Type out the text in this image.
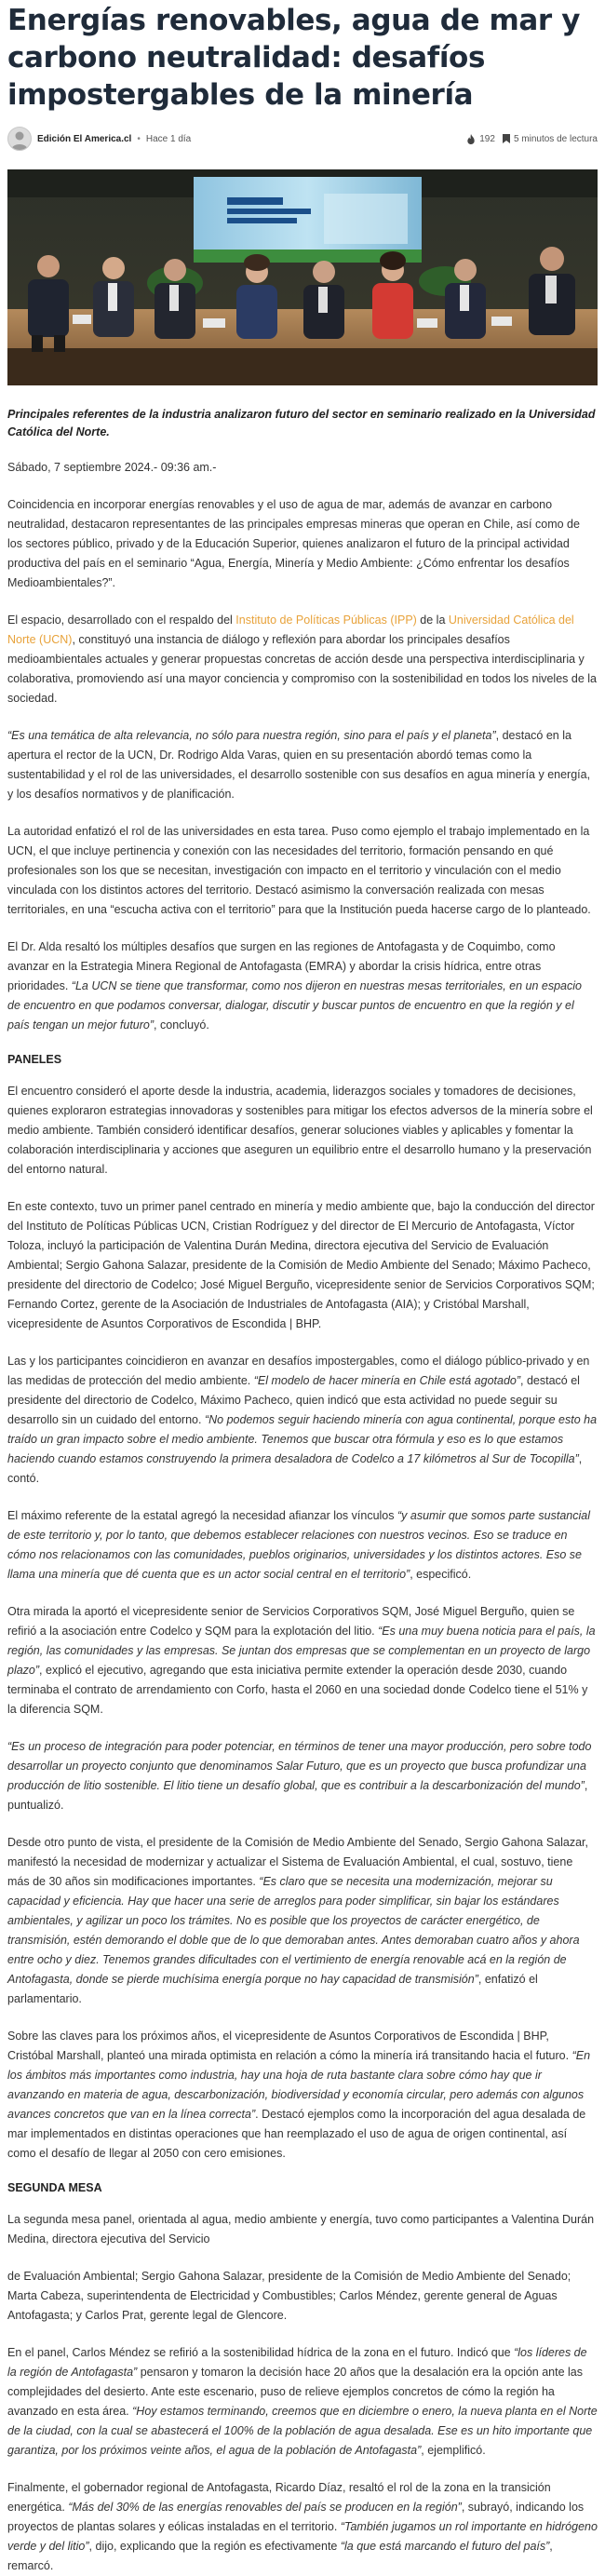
Energías renovables, agua de mar y carbono neutralidad: desafíos impostergables de la minería
Edición El America.cl • Hace 1 día	192 5 minutos de lectura
Principales referentes de la industria analizaron futuro del sector en seminario realizado en la Universidad Católica del Norte.

Sábado, 7 septiembre 2024.- 09:36 am.-

Coincidencia en incorporar energías renovables y el uso de agua de mar, además de avanzar en carbono neutralidad, destacaron representantes de las principales empresas mineras que operan en Chile, así como de los sectores público, privado y de la Educación Superior, quienes analizaron el futuro de la principal actividad productiva del país en el seminario “Agua, Energía, Minería y Medio Ambiente: ¿Cómo enfrentar los desafíos Medioambientales?”.

El espacio, desarrollado con el respaldo del Instituto de Políticas Públicas (IPP) de la Universidad Católica del Norte (UCN), constituyó una instancia de diálogo y reflexión para abordar los principales desafíos medioambientales actuales y generar propuestas concretas de acción desde una perspectiva interdisciplinaria y colaborativa, promoviendo así una mayor conciencia y compromiso con la sostenibilidad en todos los niveles de la sociedad.

“Es una temática de alta relevancia, no sólo para nuestra región, sino para el país y el planeta”, destacó en la apertura el rector de la UCN, Dr. Rodrigo Alda Varas, quien en su presentación abordó temas como la sustentabilidad y el rol de las universidades, el desarrollo sostenible con sus desafíos en agua minería y energía, y los desafíos normativos y de planificación.

La autoridad enfatizó el rol de las universidades en esta tarea. Puso como ejemplo el trabajo implementado en la UCN, el que incluye pertinencia y conexión con las necesidades del territorio, formación pensando en qué profesionales son los que se necesitan, investigación con impacto en el territorio y vinculación con el medio vinculada con los distintos actores del territorio. Destacó asimismo la conversación realizada con mesas territoriales, en una “escucha activa con el territorio” para que la Institución pueda hacerse cargo de lo planteado.

El Dr. Alda resaltó los múltiples desafíos que surgen en las regiones de Antofagasta y de Coquimbo, como avanzar en la Estrategia Minera Regional de Antofagasta (EMRA) y abordar la crisis hídrica, entre otras prioridades. “La UCN se tiene que transformar, como nos dijeron en nuestras mesas territoriales, en un espacio de encuentro en que podamos conversar, dialogar, discutir y buscar puntos de encuentro en que la región y el país tengan un mejor futuro”, concluyó.

PANELES

El encuentro consideró el aporte desde la industria, academia, liderazgos sociales y tomadores de decisiones, quienes exploraron estrategias innovadoras y sostenibles para mitigar los efectos adversos de la minería sobre el medio ambiente. También consideró identificar desafíos, generar soluciones viables y aplicables y fomentar la colaboración interdisciplinaria y acciones que aseguren un equilibrio entre el desarrollo humano y la preservación del entorno natural.

En este contexto, tuvo un primer panel centrado en minería y medio ambiente que, bajo la conducción del director del Instituto de Políticas Públicas UCN, Cristian Rodríguez y del director de El Mercurio de Antofagasta, Víctor Toloza, incluyó la participación de Valentina Durán Medina, directora ejecutiva del Servicio de Evaluación Ambiental; Sergio Gahona Salazar, presidente de la Comisión de Medio Ambiente del Senado; Máximo Pacheco, presidente del directorio de Codelco; José Miguel Berguño, vicepresidente senior de Servicios Corporativos SQM; Fernando Cortez, gerente de la Asociación de Industriales de Antofagasta (AIA); y Cristóbal Marshall, vicepresidente de Asuntos Corporativos de Escondida | BHP.

Las y los participantes coincidieron en avanzar en desafíos impostergables, como el diálogo público-privado y en las medidas de protección del medio ambiente. “El modelo de hacer minería en Chile está agotado”, destacó el presidente del directorio de Codelco, Máximo Pacheco, quien indicó que esta actividad no puede seguir su desarrollo sin un cuidado del entorno. “No podemos seguir haciendo minería con agua continental, porque esto ha traído un gran impacto sobre el medio ambiente. Tenemos que buscar otra fórmula y eso es lo que estamos haciendo cuando estamos construyendo la primera desaladora de Codelco a 17 kilómetros al Sur de Tocopilla”, contó.

El máximo referente de la estatal agregó la necesidad afianzar los vínculos “y asumir que somos parte sustancial de este territorio y, por lo tanto, que debemos establecer relaciones con nuestros vecinos. Eso se traduce en cómo nos relacionamos con las comunidades, pueblos originarios, universidades y los distintos actores. Eso se llama una minería que dé cuenta que es un actor social central en el territorio”, especificó.

Otra mirada la aportó el vicepresidente senior de Servicios Corporativos SQM, José Miguel Berguño, quien se refirió a la asociación entre Codelco y SQM para la explotación del litio. “Es una muy buena noticia para el país, la región, las comunidades y las empresas. Se juntan dos empresas que se complementan en un proyecto de largo plazo”, explicó el ejecutivo, agregando que esta iniciativa permite extender la operación desde 2030, cuando terminaba el contrato de arrendamiento con Corfo, hasta el 2060 en una sociedad donde Codelco tiene el 51% y la diferencia SQM.

“Es un proceso de integración para poder potenciar, en términos de tener una mayor producción, pero sobre todo desarrollar un proyecto conjunto que denominamos Salar Futuro, que es un proyecto que busca profundizar una producción de litio sostenible. El litio tiene un desafío global, que es contribuir a la descarbonización del mundo”, puntualizó.

Desde otro punto de vista, el presidente de la Comisión de Medio Ambiente del Senado, Sergio Gahona Salazar, manifestó la necesidad de modernizar y actualizar el Sistema de Evaluación Ambiental, el cual, sostuvo, tiene más de 30 años sin modificaciones importantes. “Es claro que se necesita una modernización, mejorar su capacidad y eficiencia. Hay que hacer una serie de arreglos para poder simplificar, sin bajar los estándares ambientales, y agilizar un poco los trámites. No es posible que los proyectos de carácter energético, de transmisión, estén demorando el doble que de lo que demoraban antes. Antes demoraban cuatro años y ahora entre ocho y diez. Tenemos grandes dificultades con el vertimiento de energía renovable acá en la región de Antofagasta, donde se pierde muchísima energía porque no hay capacidad de transmisión”, enfatizó el parlamentario.

Sobre las claves para los próximos años, el vicepresidente de Asuntos Corporativos de Escondida | BHP, Cristóbal Marshall, planteó una mirada optimista en relación a cómo la minería irá transitando hacia el futuro. “En los ámbitos más importantes como industria, hay una hoja de ruta bastante clara sobre cómo hay que ir avanzando en materia de agua, descarbonización, biodiversidad y economía circular, pero además con algunos avances concretos que van en la línea correcta”. Destacó ejemplos como la incorporación del agua desalada de mar implementados en distintas operaciones que han reemplazado el uso de agua de origen continental, así como el desafío de llegar al 2050 con cero emisiones.

SEGUNDA MESA

La segunda mesa panel, orientada al agua, medio ambiente y energía, tuvo como participantes a Valentina Durán Medina, directora ejecutiva del Servicio

de Evaluación Ambiental; Sergio Gahona Salazar, presidente de la Comisión de Medio Ambiente del Senado; Marta Cabeza, superintendenta de Electricidad y Combustibles; Carlos Méndez, gerente general de Aguas Antofagasta; y Carlos Prat, gerente legal de Glencore.

En el panel, Carlos Méndez se refirió a la sostenibilidad hídrica de la zona en el futuro. Indicó que “los líderes de la región de Antofagasta” pensaron y tomaron la decisión hace 20 años que la desalación era la opción ante las complejidades del desierto. Ante este escenario, puso de relieve ejemplos concretos de cómo la región ha avanzado en esta área. “Hoy estamos terminando, creemos que en diciembre o enero, la nueva planta en el Norte de la ciudad, con la cual se abastecerá el 100% de la población de agua desalada. Ese es un hito importante que garantiza, por los próximos veinte años, el agua de la población de Antofagasta”, ejemplificó.

Finalmente, el gobernador regional de Antofagasta, Ricardo Díaz, resaltó el rol de la zona en la transición energética. “Más del 30% de las energías renovables del país se producen en la región”, subrayó, indicando los proyectos de plantas solares y eólicas instaladas en el territorio. “También jugamos un rol importante en hidrógeno verde y del litio”, dijo, explicando que la región es efectivamente “la que está marcando el futuro del país”, remarcó.
